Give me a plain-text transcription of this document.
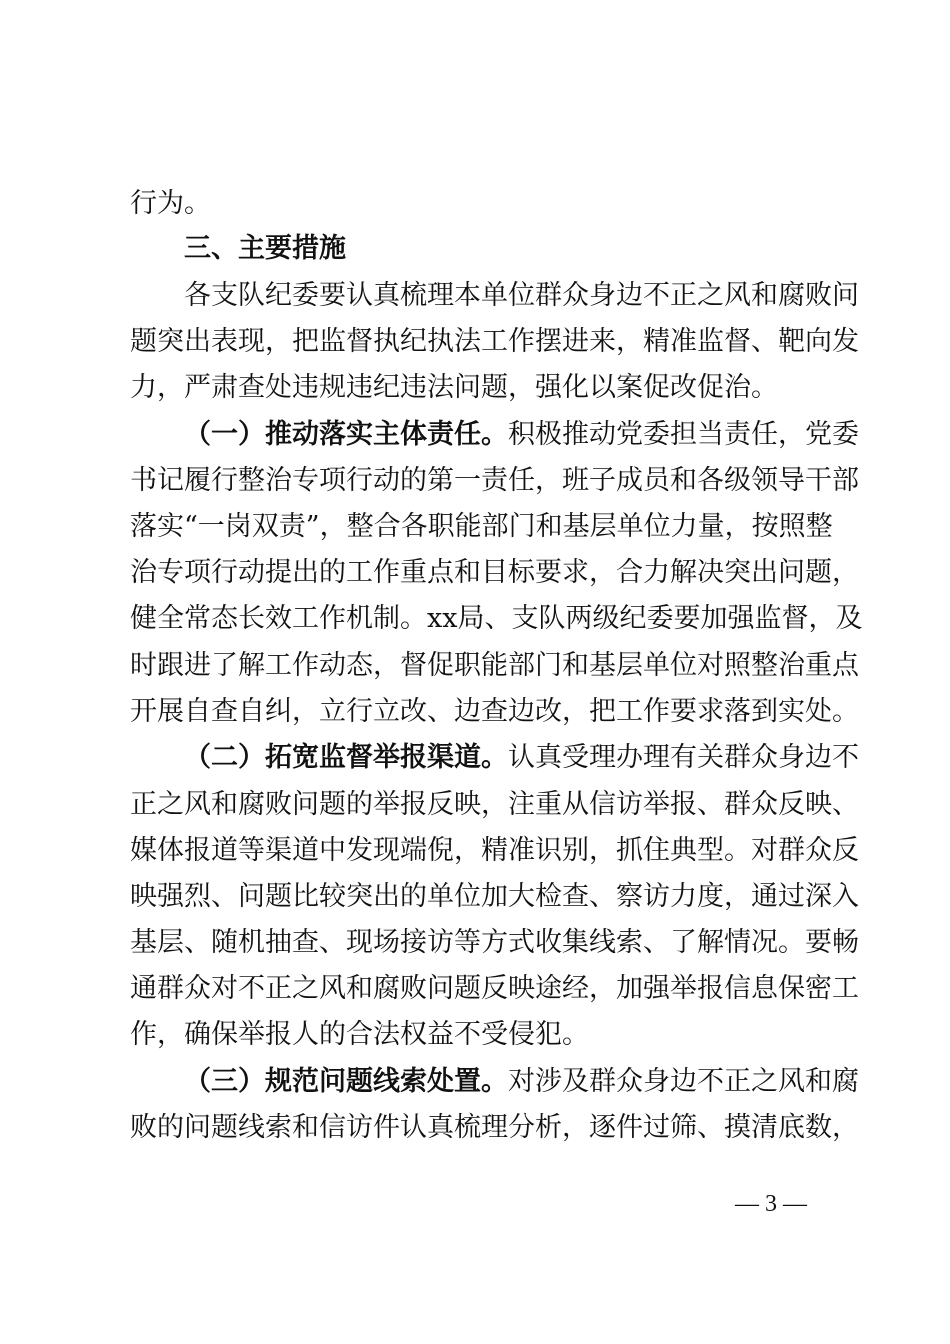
行为。
三、主要措施
各支队纪委要认真梳理本单位群众身边不正之风和腐败问
题突出表现，把监督执纪执法工作摆进来，精准监督、靶向发
力，严肃查处违规违纪违法问题，强化以案促改促治。
（一）推动落实主体责任。积极推动党委担当责任，党委
书记履行整治专项行动的第一责任，班子成员和各级领导干部
落实“一岗双责”，整合各职能部门和基层单位力量，按照整
治专项行动提出的工作重点和目标要求，合力解决突出问题，
健全常态长效工作机制。xx局、支队两级纪委要加强监督，及
时跟进了解工作动态，督促职能部门和基层单位对照整治重点
开展自查自纠，立行立改、边查边改，把工作要求落到实处。
（二）拓宽监督举报渠道。认真受理办理有关群众身边不
正之风和腐败问题的举报反映，注重从信访举报、群众反映、
媒体报道等渠道中发现端倪，精准识别，抓住典型。对群众反
映强烈、问题比较突出的单位加大检查、察访力度，通过深入
基层、随机抽查、现场接访等方式收集线索、了解情况。要畅
通群众对不正之风和腐败问题反映途经，加强举报信息保密工
作，确保举报人的合法权益不受侵犯。
（三）规范问题线索处置。对涉及群众身边不正之风和腐
败的问题线索和信访件认真梳理分析，逐件过筛、摸清底数，
— 3 —
